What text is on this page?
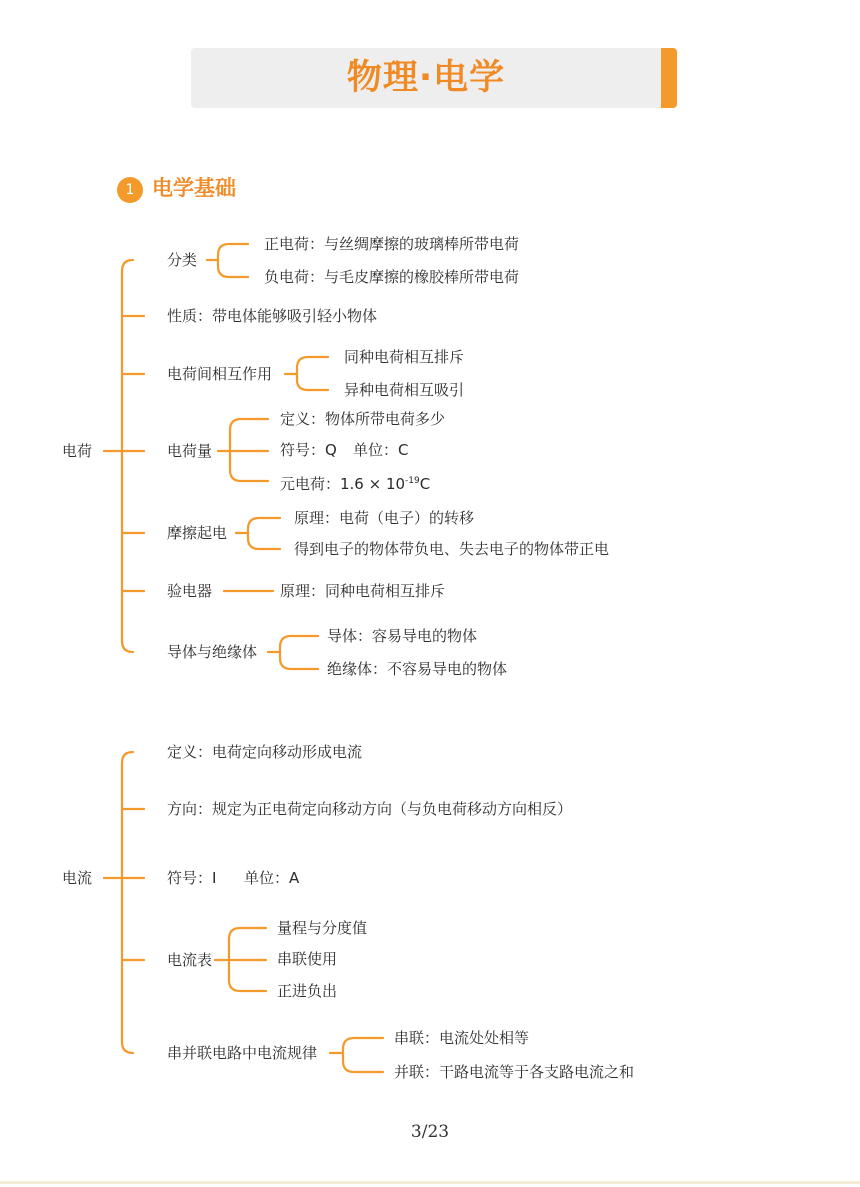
物理·电学
1 电学基础
电荷
分类
正电荷：与丝绸摩擦的玻璃棒所带电荷
负电荷：与毛皮摩擦的橡胶棒所带电荷
性质：带电体能够吸引轻小物体
电荷间相互作用
同种电荷相互排斥
异种电荷相互吸引
电荷量
定义：物体所带电荷多少
符号：Q 单位：C
元电荷：$1.6 \times 10^{-19}C$
摩擦起电
原理：电荷（电子）的转移
得到电子的物体带负电、失去电子的物体带正电
验电器	原理：同种电荷相互排斥
导体与绝缘体
导体：容易导电的物体
绝缘体：不容易导电的物体
电流
定义：电荷定向移动形成电流
方向：规定为正电荷定向移动方向（与负电荷移动方向相反）
符号：I 单位：A
电流表
量程与分度值
串联使用
正进负出
串并联电路中电流规律
串联：电流处处相等
并联：干路电流等于各支路电流之和
3/23
